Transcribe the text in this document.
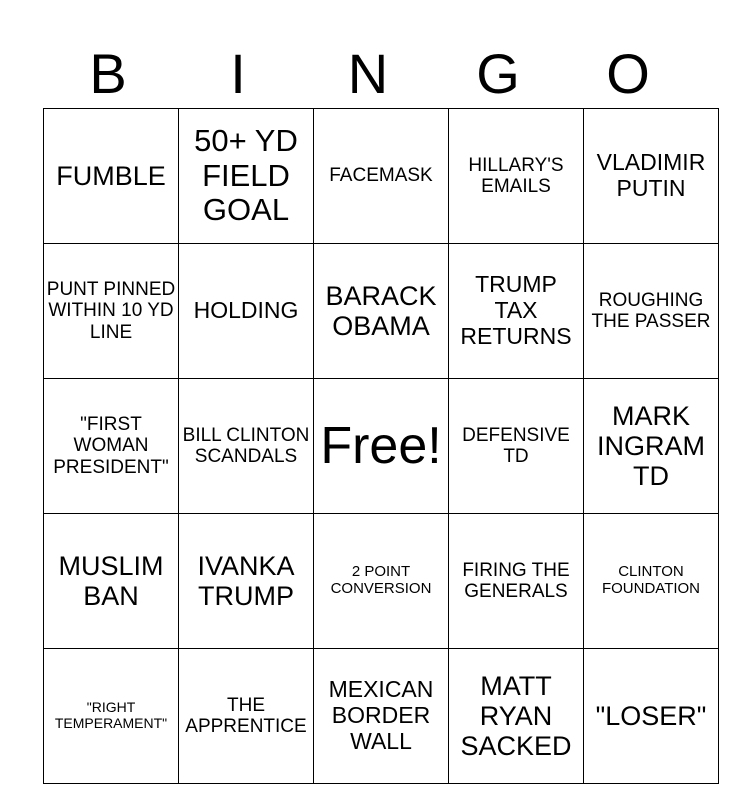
B	I	N	G	O
FUMBLE	50+ YD FIELD GOAL	FACEMASK	HILLARY'S EMAILS	VLADIMIR PUTIN
PUNT PINNED WITHIN 10 YD LINE	HOLDING	BARACK OBAMA	TRUMP TAX RETURNS	ROUGHING THE PASSER
"FIRST WOMAN PRESIDENT"	BILL CLINTON SCANDALS	Free!	DEFENSIVE TD	MARK INGRAM TD
MUSLIM BAN	IVANKA TRUMP	2 POINT CONVERSION	FIRING THE GENERALS	CLINTON FOUNDATION
"RIGHT TEMPERAMENT"	THE APPRENTICE	MEXICAN BORDER WALL	MATT RYAN SACKED	"LOSER"
